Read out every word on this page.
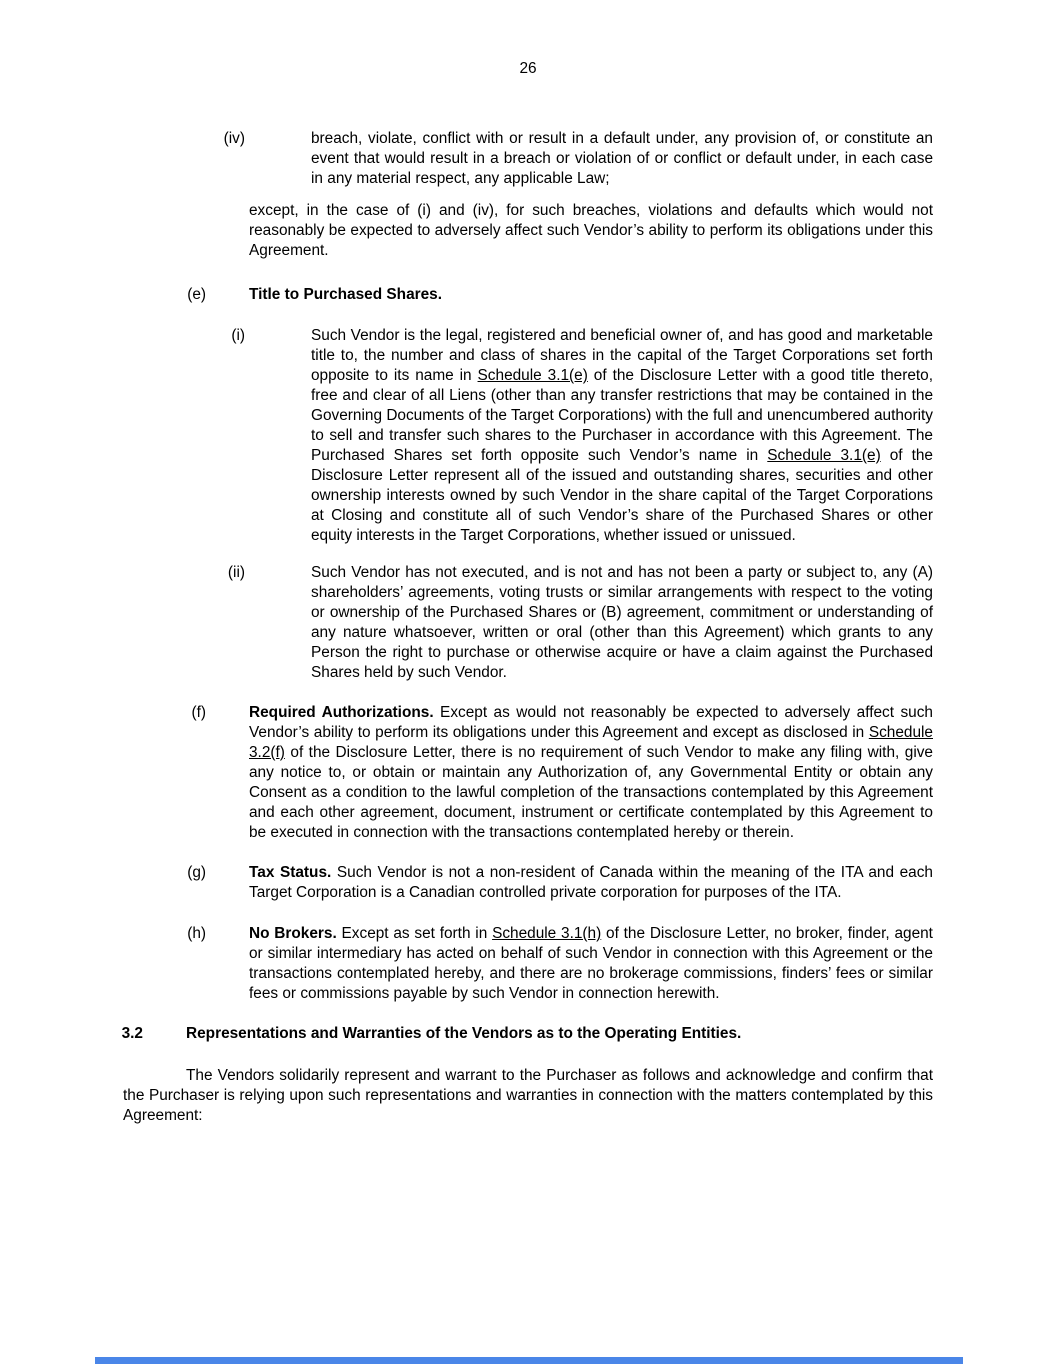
26
(iv)	breach, violate, conflict with or result in a default under, any provision of, or constitute an event that would result in a breach or violation of or conflict or default under, in each case in any material respect, any applicable Law;
except, in the case of (i) and (iv), for such breaches, violations and defaults which would not reasonably be expected to adversely affect such Vendor’s ability to perform its obligations under this Agreement.
(e)	Title to Purchased Shares.
(i)	Such Vendor is the legal, registered and beneficial owner of, and has good and marketable title to, the number and class of shares in the capital of the Target Corporations set forth opposite to its name in Schedule 3.1(e) of the Disclosure Letter with a good title thereto, free and clear of all Liens (other than any transfer restrictions that may be contained in the Governing Documents of the Target Corporations) with the full and unencumbered authority to sell and transfer such shares to the Purchaser in accordance with this Agreement. The Purchased Shares set forth opposite such Vendor’s name in Schedule 3.1(e) of the Disclosure Letter represent all of the issued and outstanding shares, securities and other ownership interests owned by such Vendor in the share capital of the Target Corporations at Closing and constitute all of such Vendor’s share of the Purchased Shares or other equity interests in the Target Corporations, whether issued or unissued.
(ii)	Such Vendor has not executed, and is not and has not been a party or subject to, any (A) shareholders’ agreements, voting trusts or similar arrangements with respect to the voting or ownership of the Purchased Shares or (B) agreement, commitment or understanding of any nature whatsoever, written or oral (other than this Agreement) which grants to any Person the right to purchase or otherwise acquire or have a claim against the Purchased Shares held by such Vendor.
(f)	Required Authorizations. Except as would not reasonably be expected to adversely affect such Vendor’s ability to perform its obligations under this Agreement and except as disclosed in Schedule 3.2(f) of the Disclosure Letter, there is no requirement of such Vendor to make any filing with, give any notice to, or obtain or maintain any Authorization of, any Governmental Entity or obtain any Consent as a condition to the lawful completion of the transactions contemplated by this Agreement and each other agreement, document, instrument or certificate contemplated by this Agreement to be executed in connection with the transactions contemplated hereby or therein.
(g)	Tax Status. Such Vendor is not a non-resident of Canada within the meaning of the ITA and each Target Corporation is a Canadian controlled private corporation for purposes of the ITA.
(h)	No Brokers. Except as set forth in Schedule 3.1(h) of the Disclosure Letter, no broker, finder, agent or similar intermediary has acted on behalf of such Vendor in connection with this Agreement or the transactions contemplated hereby, and there are no brokerage commissions, finders’ fees or similar fees or commissions payable by such Vendor in connection herewith.
3.2	Representations and Warranties of the Vendors as to the Operating Entities.
The Vendors solidarily represent and warrant to the Purchaser as follows and acknowledge and confirm that the Purchaser is relying upon such representations and warranties in connection with the matters contemplated by this Agreement:
